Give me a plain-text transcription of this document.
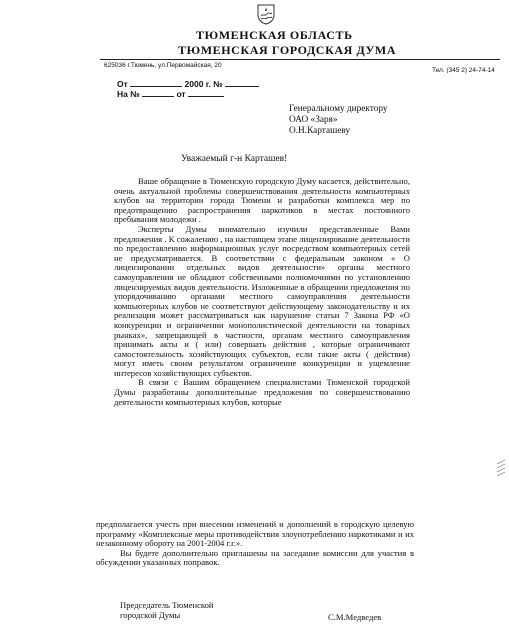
ТЮМЕНСКАЯ ОБЛАСТЬ
ТЮМЕНСКАЯ ГОРОДСКАЯ ДУМА
625036 г.Тюмень, ул.Первомайская, 20
Тел. (345 2) 24-74-14
От	2000 г. №
На №	от
Генеральному директору
ОАО «Заря»
О.Н.Карташеву
Уважаемый г-н Карташев!

Ваше обращение в Тюменскую городскую Думу касается, действительно, очень актуальной проблемы совершенствования деятельности компьютерных клубов на территории города Тюмени и разработки комплекса мер по предотвращению распространения наркотиков в местах постоянного пребывания молодежи .

Эксперты Думы внимательно изучили представленные Вами предложения . К сожалению , на настоящем этапе лицензирование деятельности по предоставлению информационных услуг посредством компьютерных сетей не предусматривается. В соответствии с федеральным законом « О лицензировании отдельных видов деятельности» органы местного самоуправления не обладают собственными полномочиями по установлению лицензируемых видов деятельности. Изложенные в обращении предложения по упорядочиванию органами местного самоуправления деятельности компьютерных клубов не соответствуют действующему законодательству и их реализация может рассматриваться как нарушение статьи 7 Закона РФ «О конкуренции и ограничении монополистической деятельности на товарных рынках», запрещающей в частности, органам местного самоуправления принимать акты и ( или) совершать действия , которые ограничивают самостоятельность хозяйствующих субъектов, если такие акты ( действия) могут иметь своим результатом ограничение конкуренции и ущемление интересов хозяйствующих субъектов.

В связи с Вашим обращением специалистами Тюменской городской Думы разработаны дополнительные предложения по совершенствованию деятельности компьютерных клубов, которые

предполагается учесть при внесении изменений и дополнений в городскую целевую программу «Комплексные меры противодействия злоупотреблению наркотиками и их незаконному обороту на 2001-2004 г.г.».

Вы будете дополнительно приглашены на заседание комиссии для участия в обсуждении указанных поправок.

Председатель Тюменской
городской Думы	С.М.Медведев
